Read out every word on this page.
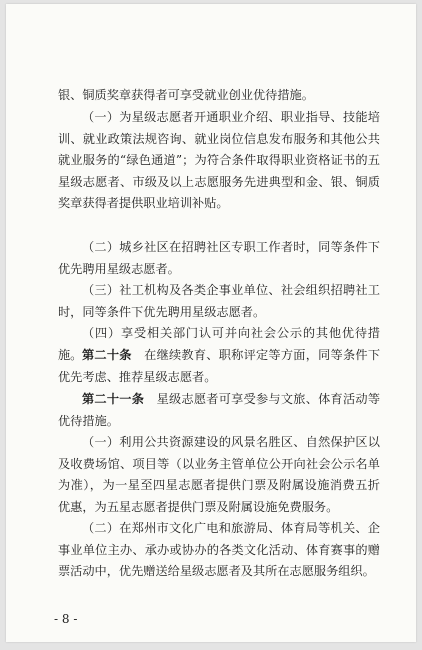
银、铜质奖章获得者可享受就业创业优待措施。

（一）为星级志愿者开通职业介绍、职业指导、技能培训、就业政策法规咨询、就业岗位信息发布服务和其他公共就业服务的“绿色通道”；为符合条件取得职业资格证书的五星级志愿者、市级及以上志愿服务先进典型和金、银、铜质奖章获得者提供职业培训补贴。

（二）城乡社区在招聘社区专职工作者时，同等条件下优先聘用星级志愿者。

（三）社工机构及各类企事业单位、社会组织招聘社工时，同等条件下优先聘用星级志愿者。

（四）享受相关部门认可并向社会公示的其他优待措施。 第二十条　 在继续教育、职称评定等方面，同等条件下优先考虑、推荐星级志愿者。

第二十一条　 星级志愿者可享受参与文旅、体育活动等优待措施。

（一）利用公共资源建设的风景名胜区、自然保护区以及收费场馆、项目等（以业务主管单位公开向社会公示名单为准），为一星至四星志愿者提供门票及附属设施消费五折优惠，为五星志愿者提供门票及附属设施免费服务。

（二）在郑州市文化广电和旅游局、体育局等机关、企事业单位主办、承办或协办的各类文化活动、体育赛事的赠票活动中，优先赠送给星级志愿者及其所在志愿服务组织。

- 8 -
